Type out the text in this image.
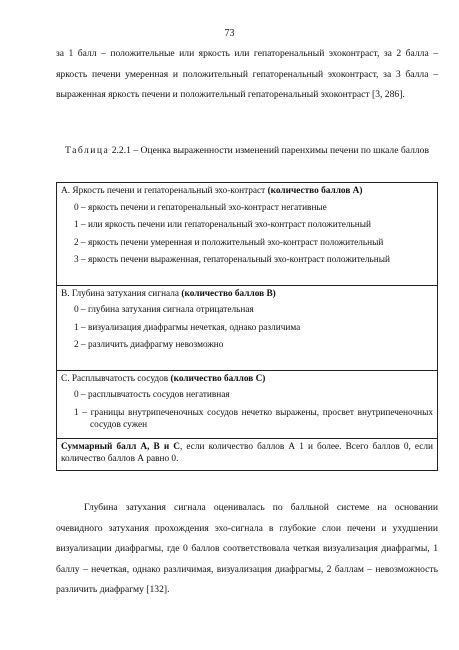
73

за 1 балл – положительные или яркость или гепаторенальный эхоконтраст, за 2 балла – яркость печени умеренная и положительный гепаторенальный эхоконтраст, за 3 балла – выраженная яркость печени и положительный гепаторенальный эхоконтраст [3, 286].

Таблица 2.2.1 – Оценка выраженности изменений паренхимы печени по шкале баллов
А. Яркость печени и гепаторенальный эхо-контраст (количество баллов А)
0 – яркость печени и гепаторенальный эхо-контраст негативные
1 – или яркость печени или гепаторенальный эхо-контраст положительный
2 – яркость печени умеренная и положительный эхо-контраст положительный
3 – яркость печени выраженная, гепаторенальный эхо-контраст положительный

B. Глубина затухания сигнала (количество баллов B)
0 – глубина затухания сигнала отрицательная
1 – визуализация диафрагмы нечеткая, однако различима
2 – различить диафрагму невозможно

C. Расплывчатость сосудов (количество баллов С)
0 – расплывчатость сосудов негативная
1 – границы внутрипеченочных сосудов нечетко выражены, просвет внутрипеченочных сосудов сужен

Суммарный балл А, В и С, если количество баллов А 1 и более. Всего баллов 0, если количество баллов А равно 0.

Глубина затухания сигнала оценивалась по балльной системе на основании очевидного затухания прохождения эхо-сигнала в глубокие слои печени и ухудшении визуализации диафрагмы, где 0 баллов соответствовала четкая визуализация диафрагмы, 1 баллу – нечеткая, однако различимая, визуализация диафрагмы, 2 баллам – невозможность различить диафрагму [132].
